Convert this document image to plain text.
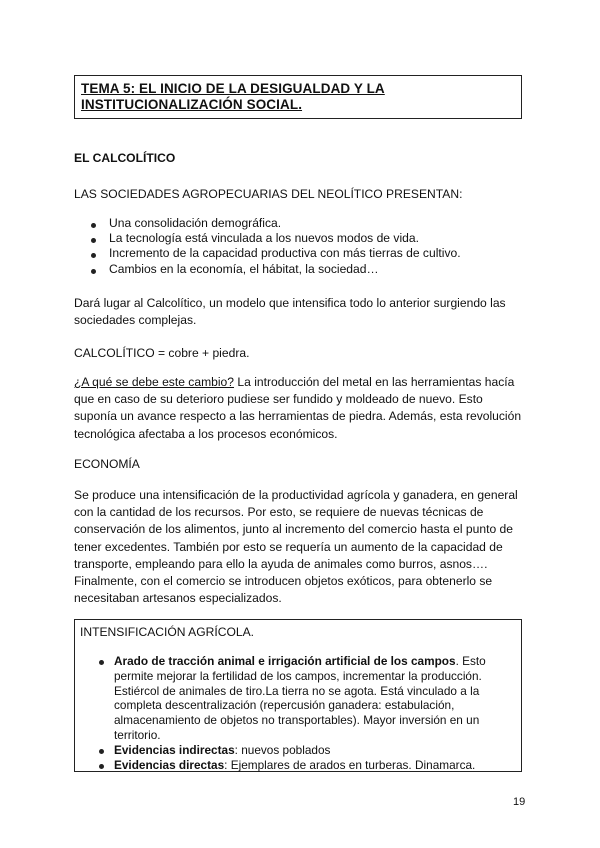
TEMA 5: EL INICIO DE LA DESIGUALDAD Y LA
INSTITUCIONALIZACIÓN SOCIAL.
EL CALCOLÍTICO
LAS SOCIEDADES AGROPECUARIAS DEL NEOLÍTICO PRESENTAN:
Una consolidación demográfica.
La tecnología está vinculada a los nuevos modos de vida.
Incremento de la capacidad productiva con más tierras de cultivo.
Cambios en la economía, el hábitat, la sociedad…
Dará lugar al Calcolítico, un modelo que intensifica todo lo anterior surgiendo las sociedades complejas.
CALCOLÍTICO = cobre + piedra.
¿A qué se debe este cambio? La introducción del metal en las herramientas hacía que en caso de su deterioro pudiese ser fundido y moldeado de nuevo. Esto suponía un avance respecto a las herramientas de piedra. Además, esta revolución tecnológica afectaba a los procesos económicos.
ECONOMÍA
Se produce una intensificación de la productividad agrícola y ganadera, en general con la cantidad de los recursos. Por esto, se requiere de nuevas técnicas de conservación de los alimentos, junto al incremento del comercio hasta el punto de tener excedentes. También por esto se requería un aumento de la capacidad de transporte, empleando para ello la ayuda de animales como burros, asnos…. Finalmente, con el comercio se introducen objetos exóticos, para obtenerlo se necesitaban artesanos especializados.
INTENSIFICACIÓN AGRÍCOLA.
Arado de tracción animal e irrigación artificial de los campos. Esto permite mejorar la fertilidad de los campos, incrementar la producción. Estiércol de animales de tiro.La tierra no se agota. Está vinculado a la completa descentralización (repercusión ganadera: estabulación, almacenamiento de objetos no transportables). Mayor inversión en un territorio.
Evidencias indirectas: nuevos poblados
Evidencias directas: Ejemplares de arados en turberas. Dinamarca.
19
